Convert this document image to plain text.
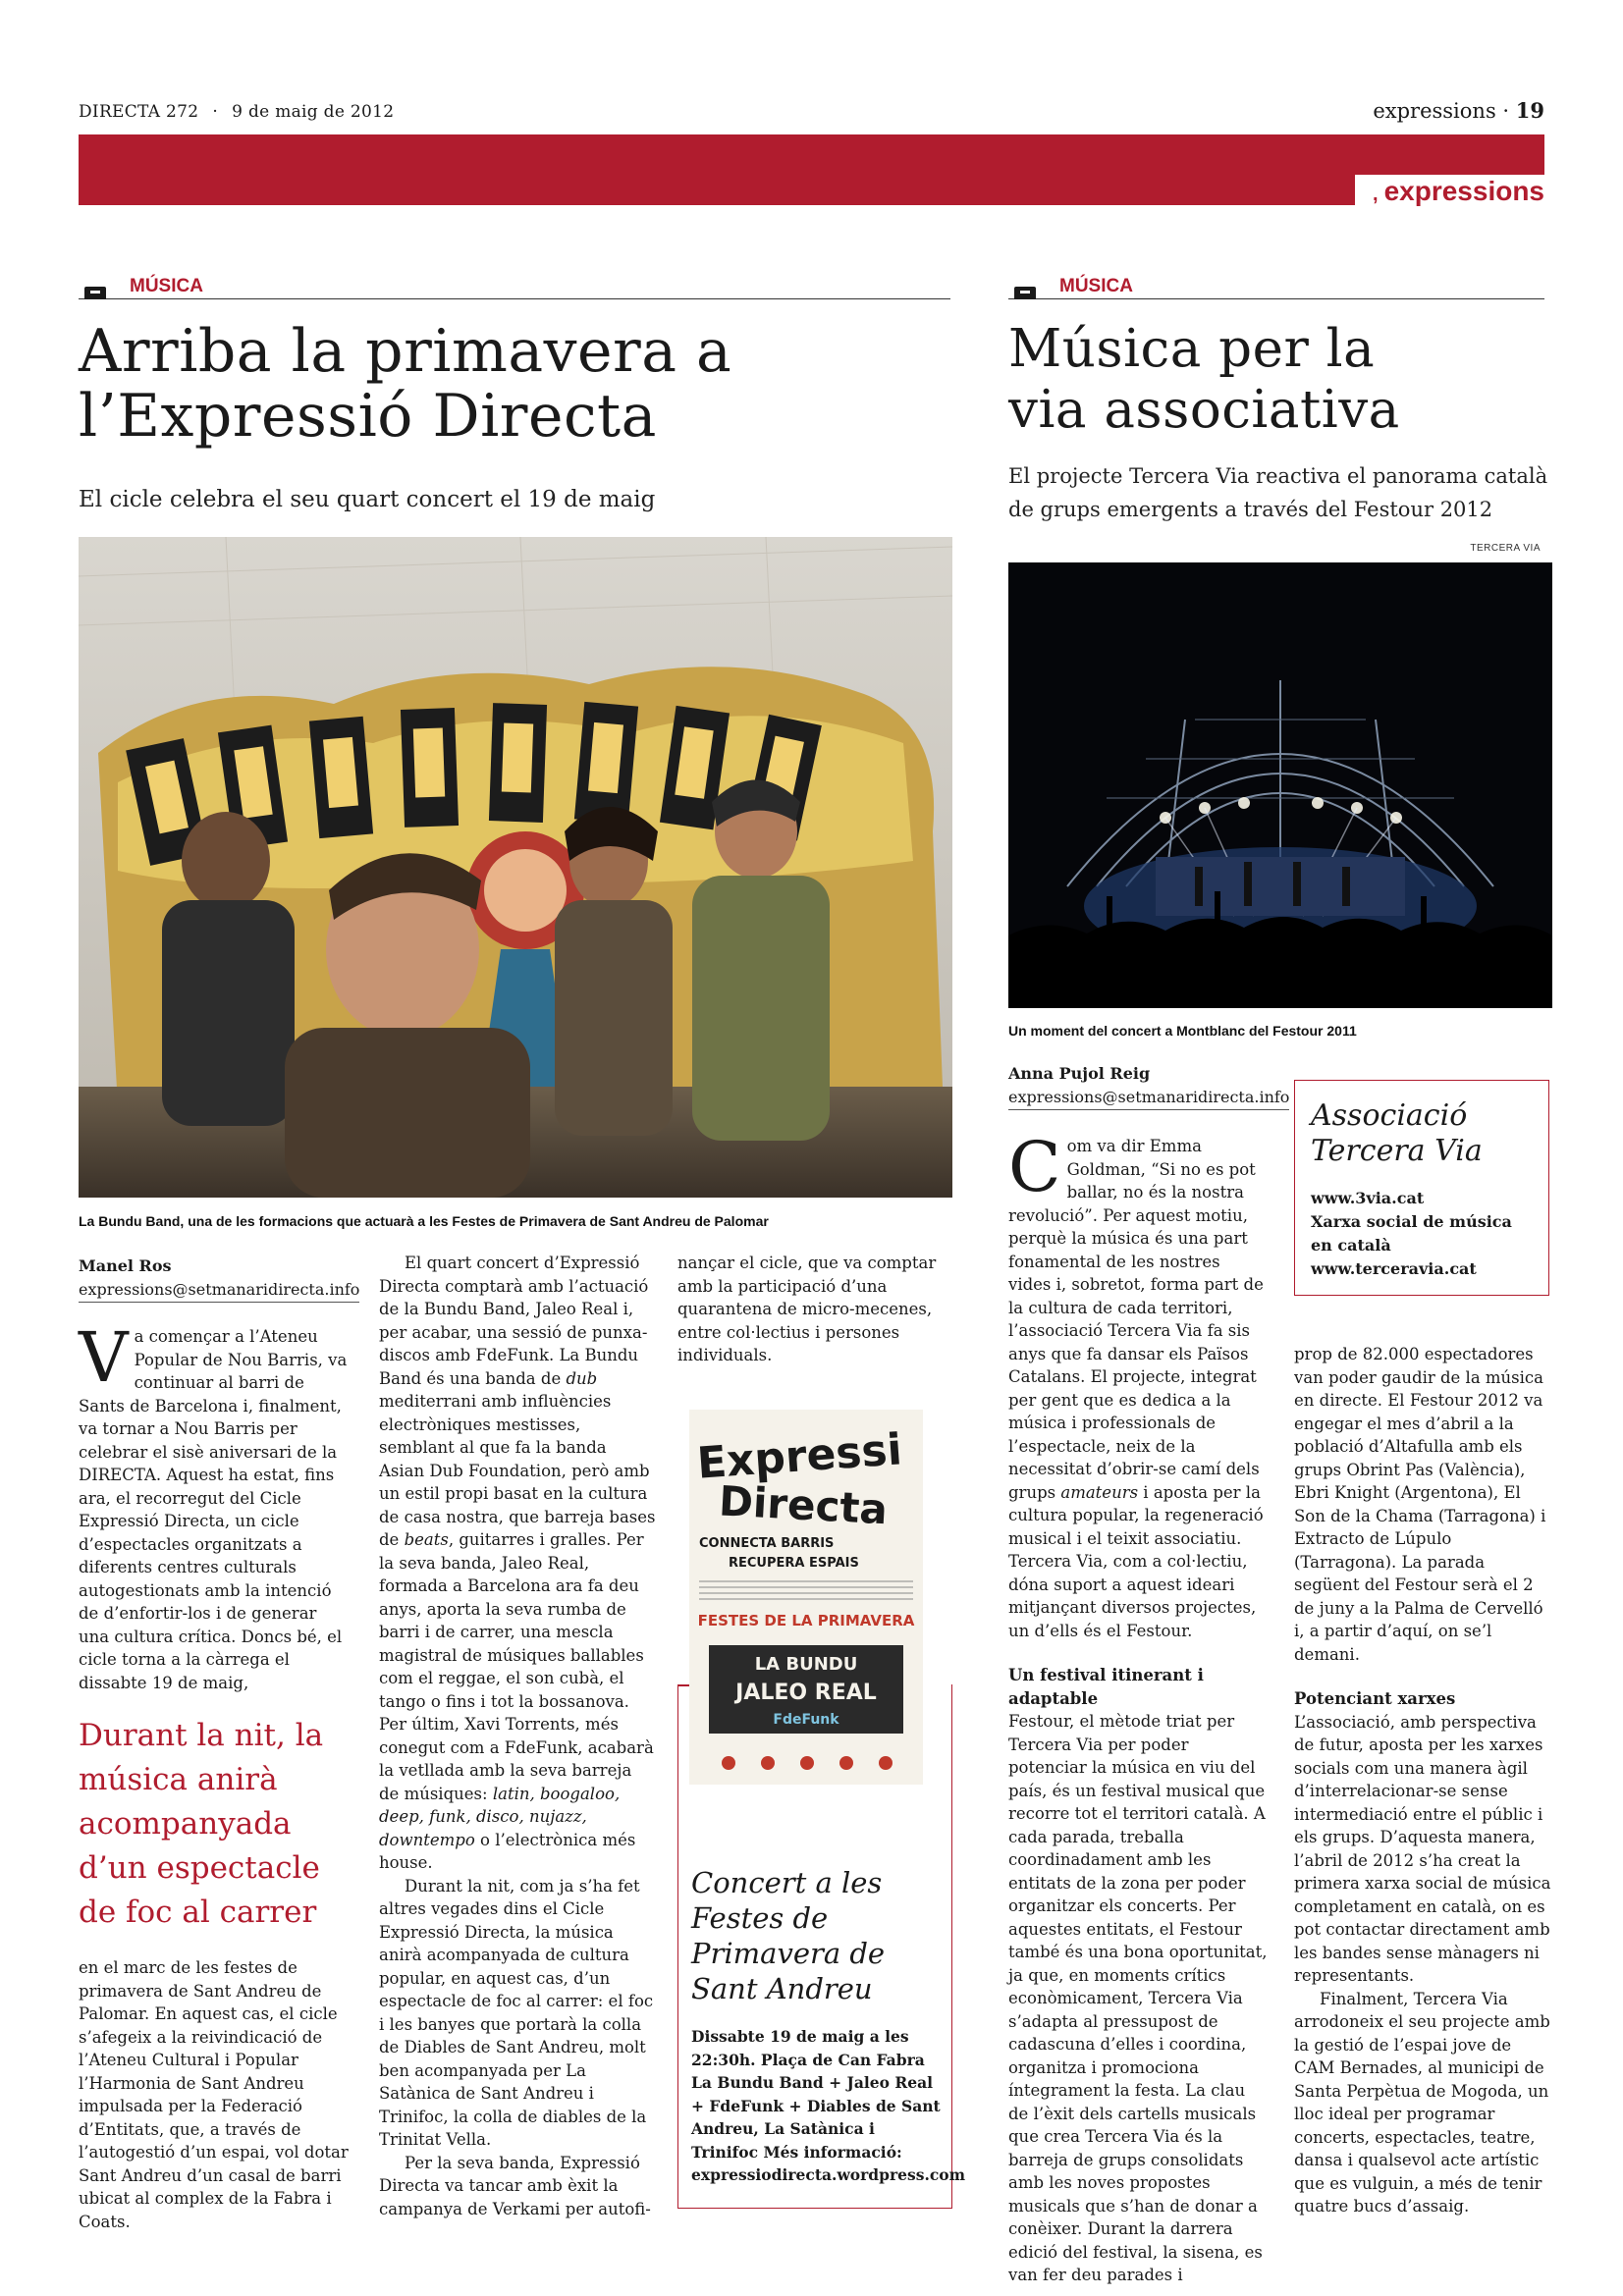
DIRECTA 272 · 9 de maig de 2012	expressions · 19
, expressions
MÚSICA
Arriba la primavera a
l’Expressió Directa
El cicle celebra el seu quart concert el 19 de maig
La Bundu Band, una de les formacions que actuarà a les Festes de Primavera de Sant Andreu de Palomar
Manel Ros
expressions@setmanaridirecta.info

Va començar a l’Ateneu Popular de Nou Barris, va continuar al barri de Sants de Barcelona i, finalment, va tornar a Nou Barris per celebrar el sisè aniversari de la DIRECTA. Aquest ha estat, fins ara, el recorregut del Cicle Expressió Directa, un cicle d’espectacles organitzats a diferents centres culturals autogestionats amb la intenció de d’enfortir-los i de generar una cultura crítica. Doncs bé, el cicle torna a la càrrega el dissabte 19 de maig,

Durant la nit, la música anirà acompanyada d’un espectacle de foc al carrer

en el marc de les festes de primavera de Sant Andreu de Palomar. En aquest cas, el cicle s’afegeix a la reivindicació de l’Ateneu Cultural i Popular l’Harmonia de Sant Andreu impulsada per la Federació d’Entitats, que, a través de l’autogestió d’un espai, vol dotar Sant Andreu d’un casal de barri ubicat al complex de la Fabra i Coats.

El quart concert d’Expressió Directa comptarà amb l’actuació de la Bundu Band, Jaleo Real i, per acabar, una sessió de punxa-discos amb FdeFunk. La Bundu Band és una banda de dub mediterrani amb influències electròniques mestisses, semblant al que fa la banda Asian Dub Foundation, però amb un estil propi basat en la cultura de casa nostra, que barreja bases de beats, guitarres i gralles. Per la seva banda, Jaleo Real, formada a Barcelona ara fa deu anys, aporta la seva rumba de barri i de carrer, una mescla magistral de músiques ballables com el reggae, el son cubà, el tango o fins i tot la bossanova. Per últim, Xavi Torrents, més conegut com a FdeFunk, acabarà la vetllada amb la seva barreja de músiques: latin, boogaloo, deep, funk, disco, nujazz, downtempo o l’electrònica més house.

Durant la nit, com ja s’ha fet altres vegades dins el Cicle Expressió Directa, la música anirà acompanyada de cultura popular, en aquest cas, d’un espectacle de foc al carrer: el foc i les banyes que portarà la colla de Diables de Sant Andreu, molt ben acompanyada per La Satànica de Sant Andreu i Trinifoc, la colla de diables de la Trinitat Vella.

Per la seva banda, Expressió Directa va tancar amb èxit la campanya de Verkami per autofi-

nançar el cicle, que va comptar amb la participació d’una quarantena de micro-mecenes, entre col·lectius i persones individuals.

Expressi
Directa
CONNECTA BARRIS
RECUPERA ESPAIS
FESTES DE LA PRIMAVERA
LA BUNDU
JALEO REAL
FdeFunk
Concert a les Festes de Primavera de Sant Andreu
Dissabte 19 de maig a les 22:30h. Plaça de Can Fabra La Bundu Band + Jaleo Real + FdeFunk + Diables de Sant Andreu, La Satànica i Trinifoc Més informació: expressiodirecta.wordpress.com
MÚSICA
Música per la
via associativa
El projecte Tercera Via reactiva el panorama català
de grups emergents a través del Festour 2012
TERCERA VIA
Un moment del concert a Montblanc del Festour 2011
Anna Pujol Reig
expressions@setmanaridirecta.info
Associació Tercera Via

www.3via.cat

Xarxa social de música en català

www.terceravia.cat

Com va dir Emma Goldman, “Si no es pot ballar, no és la nostra revolució”. Per aquest motiu, perquè la música és una part fonamental de les nostres vides i, sobretot, forma part de la cultura de cada territori, l’associació Tercera Via fa sis anys que fa dansar els Països Catalans. El projecte, integrat per gent que es dedica a la música i professionals de l’espectacle, neix de la necessitat d’obrir-se camí dels grups amateurs i aposta per la cultura popular, la regeneració musical i el teixit associatiu. Tercera Via, com a col·lectiu, dóna suport a aquest ideari mitjançant diversos projectes, un d’ells és el Festour.

Un festival itinerant i adaptable

Festour, el mètode triat per Tercera Via per poder potenciar la música en viu del país, és un festival musical que recorre tot el territori català. A cada parada, treballa coordinadament amb les entitats de la zona per poder organitzar els concerts. Per aquestes entitats, el Festour també és una bona oportunitat, ja que, en moments crítics econòmicament, Tercera Via s’adapta al pressupost de cadascuna d’elles i coordina, organitza i promociona íntegrament la festa. La clau de l’èxit dels cartells musicals que crea Tercera Via és la barreja de grups consolidats amb les noves propostes musicals que s’han de donar a conèixer. Durant la darrera edició del festival, la sisena, es van fer deu parades i

prop de 82.000 espectadores van poder gaudir de la música en directe. El Festour 2012 va engegar el mes d’abril a la població d’Altafulla amb els grups Obrint Pas (València), Ebri Knight (Argentona), El Son de la Chama (Tarragona) i Extracto de Lúpulo (Tarragona). La parada següent del Festour serà el 2 de juny a la Palma de Cervelló i, a partir d’aquí, on se’l demani.

Potenciant xarxes

L’associació, amb perspectiva de futur, aposta per les xarxes socials com una manera àgil d’interrelacionar-se sense intermediació entre el públic i els grups. D’aquesta manera, l’abril de 2012 s’ha creat la primera xarxa social de música completament en català, on es pot contactar directament amb les bandes sense mànagers ni representants.

Finalment, Tercera Via arrodoneix el seu projecte amb la gestió de l’espai jove de CAM Bernades, al municipi de Santa Perpètua de Mogoda, un lloc ideal per programar concerts, espectacles, teatre, dansa i qualsevol acte artístic que es vulguin, a més de tenir quatre bucs d’assaig.
